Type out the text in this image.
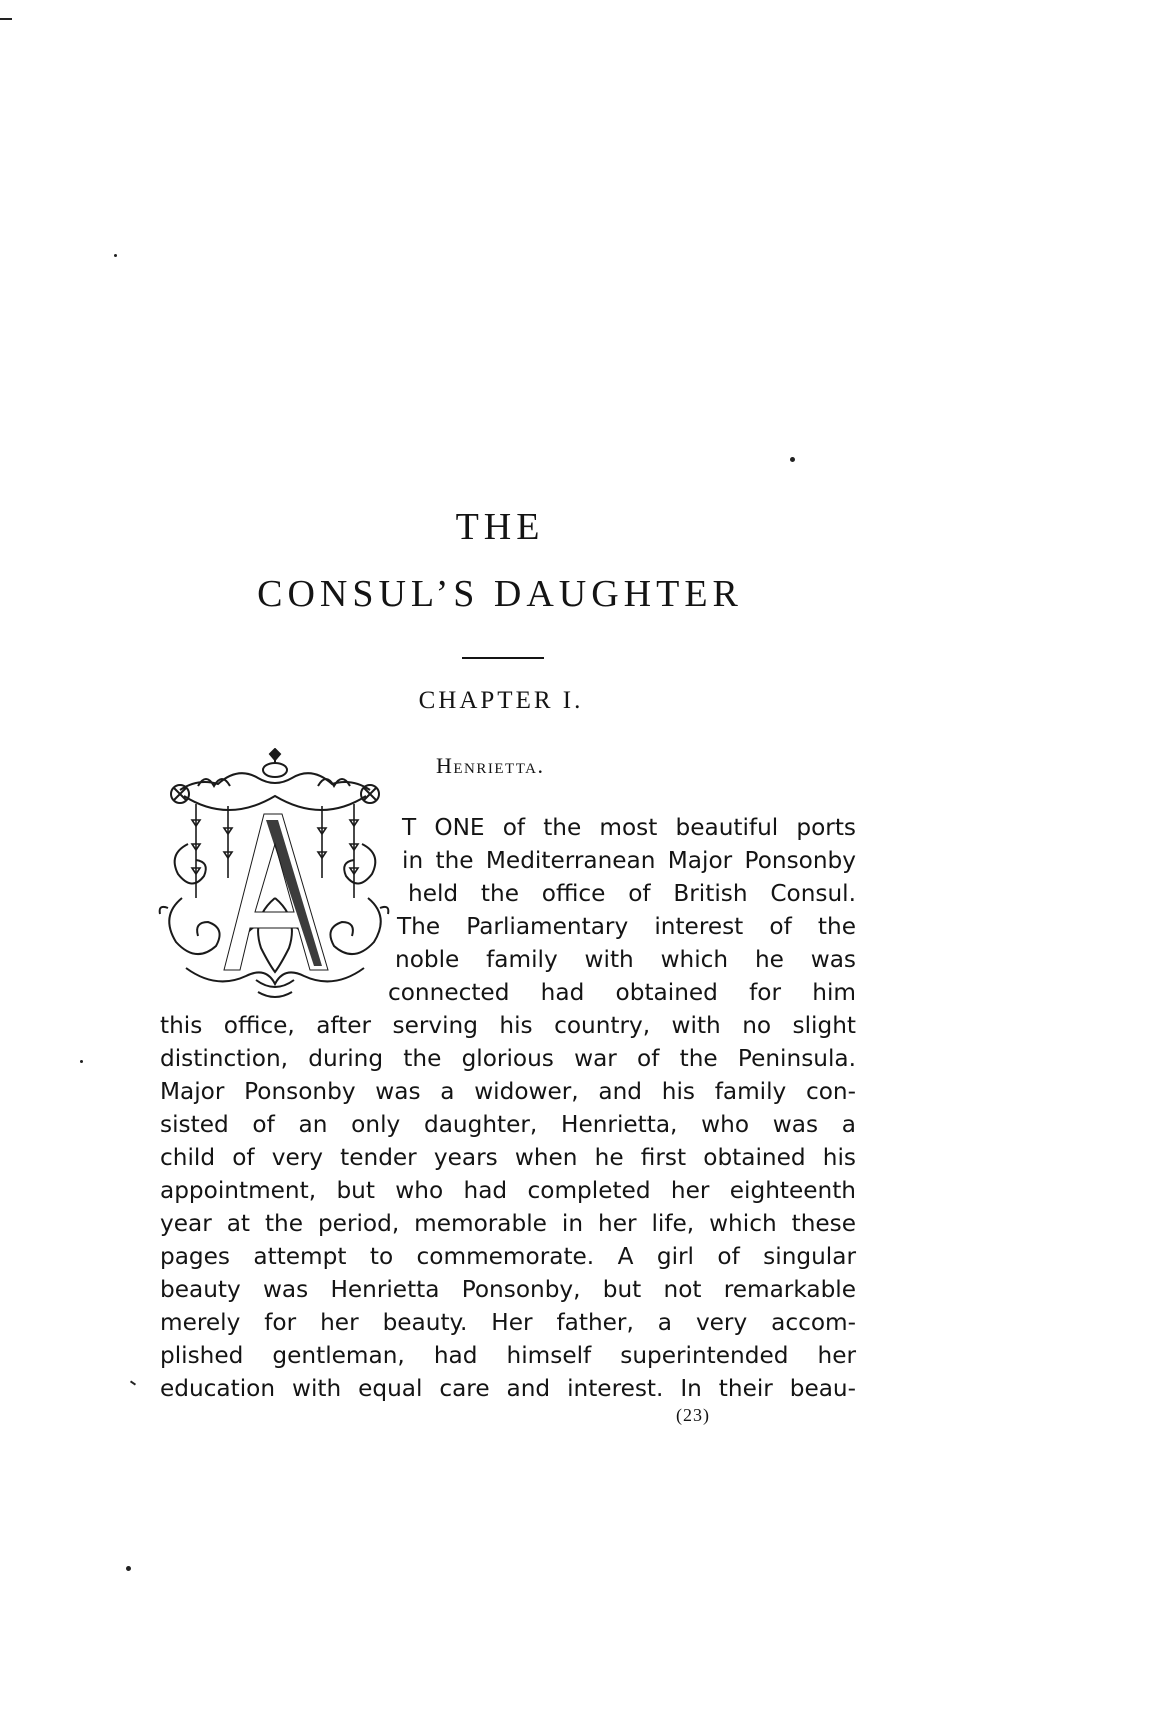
THE
CONSUL’S DAUGHTER
CHAPTER I.
Henrietta.
A
T ONE of the most beautiful ports
in the Mediterranean Major Ponsonby
held the office of British Consul.
The Parliamentary interest of the
noble family with which he was
connected had obtained for him
this office, after serving his country, with no slight
distinction, during the glorious war of the Peninsula.
Major Ponsonby was a widower, and his family con-
sisted of an only daughter, Henrietta, who was a
child of very tender years when he first obtained his
appointment, but who had completed her eighteenth
year at the period, memorable in her life, which these
pages attempt to commemorate. A girl of singular
beauty was Henrietta Ponsonby, but not remarkable
merely for her beauty. Her father, a very accom-
plished gentleman, had himself superintended her
education with equal care and interest. In their beau-
(23)
